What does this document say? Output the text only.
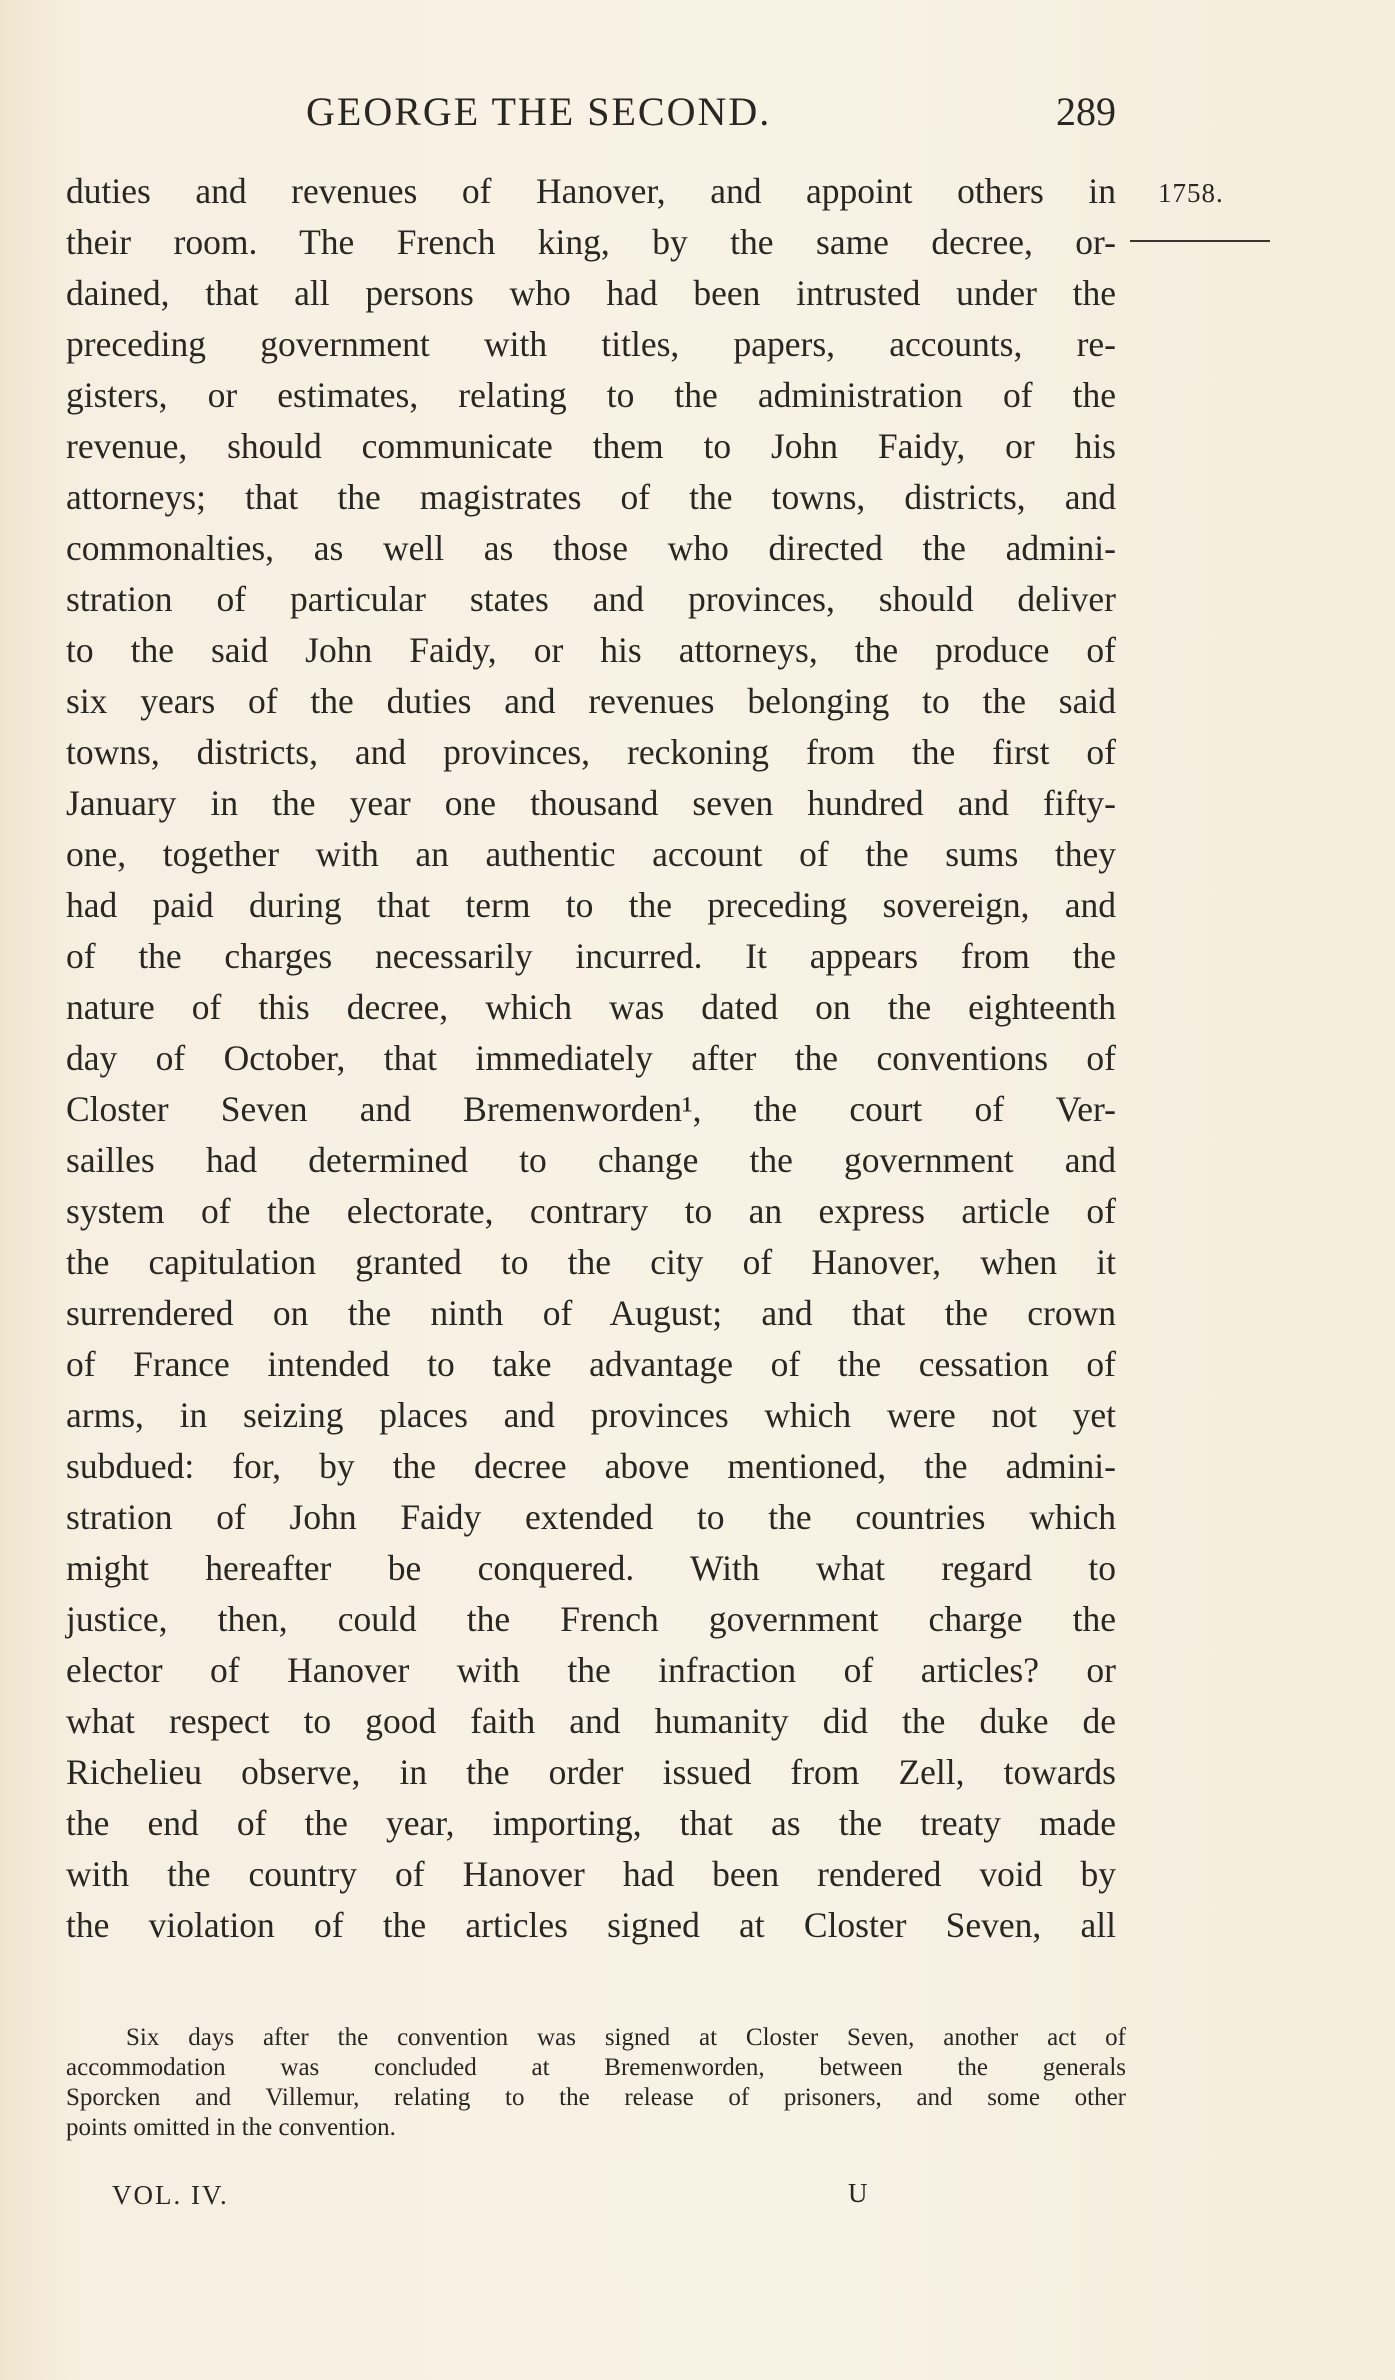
GEORGE THE SECOND.	289
1758.
duties and revenues of Hanover, and appoint others in
their room. The French king, by the same decree, or-
dained, that all persons who had been intrusted under the
preceding government with titles, papers, accounts, re-
gisters, or estimates, relating to the administration of the
revenue, should communicate them to John Faidy, or his
attorneys; that the magistrates of the towns, districts, and
commonalties, as well as those who directed the admini-
stration of particular states and provinces, should deliver
to the said John Faidy, or his attorneys, the produce of
six years of the duties and revenues belonging to the said
towns, districts, and provinces, reckoning from the first of
January in the year one thousand seven hundred and fifty-
one, together with an authentic account of the sums they
had paid during that term to the preceding sovereign, and
of the charges necessarily incurred. It appears from the
nature of this decree, which was dated on the eighteenth
day of October, that immediately after the conventions of
Closter Seven and Bremenworden¹, the court of Ver-
sailles had determined to change the government and
system of the electorate, contrary to an express article of
the capitulation granted to the city of Hanover, when it
surrendered on the ninth of August; and that the crown
of France intended to take advantage of the cessation of
arms, in seizing places and provinces which were not yet
subdued: for, by the decree above mentioned, the admini-
stration of John Faidy extended to the countries which
might hereafter be conquered. With what regard to
justice, then, could the French government charge the
elector of Hanover with the infraction of articles? or
what respect to good faith and humanity did the duke de
Richelieu observe, in the order issued from Zell, towards
the end of the year, importing, that as the treaty made
with the country of Hanover had been rendered void by
the violation of the articles signed at Closter Seven, all
Six days after the convention was signed at Closter Seven, another act of
accommodation was concluded at Bremenworden, between the generals
Sporcken and Villemur, relating to the release of prisoners, and some other
points omitted in the convention.
VOL. IV.	U
